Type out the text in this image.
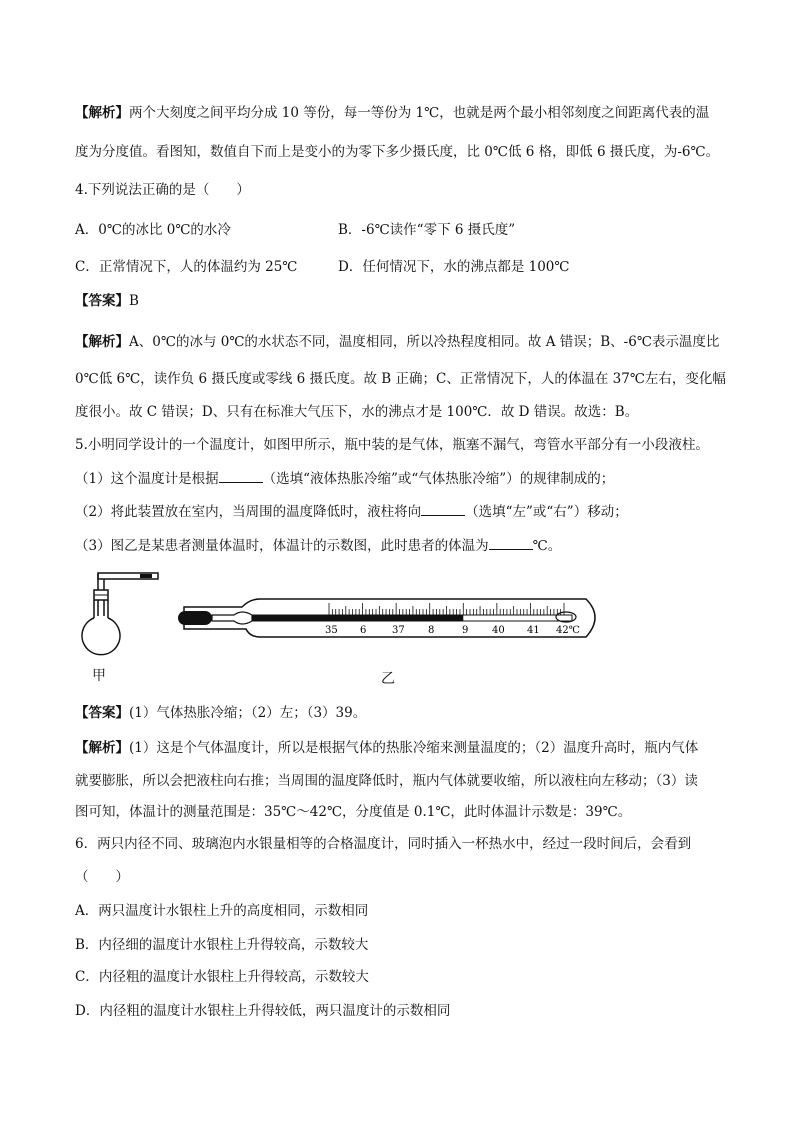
【解析】两个大刻度之间平均分成 10 等份，每一等份为 1℃，也就是两个最小相邻刻度之间距离代表的温
度为分度值。看图知，数值自下而上是变小的为零下多少摄氏度，比 0℃低 6 格，即低 6 摄氏度，为-6℃。
4.下列说法正确的是（　　）
A．0℃的冰比 0℃的水冷	B．-6℃读作“零下 6 摄氏度”
C．正常情况下，人的体温约为 25℃	D．任何情况下，水的沸点都是 100℃
【答案】B
【解析】A、0℃的冰与 0℃的水状态不同，温度相同，所以冷热程度相同。故 A 错误；B、-6℃表示温度比
0℃低 6℃，读作负 6 摄氏度或零线 6 摄氏度。故 B 正确；C、正常情况下，人的体温在 37℃左右，变化幅
度很小。故 C 错误；D、只有在标准大气压下，水的沸点才是 100℃．故 D 错误。故选：B。
5.小明同学设计的一个温度计，如图甲所示，瓶中装的是气体，瓶塞不漏气，弯管水平部分有一小段液柱。
（1）这个温度计是根据	（选填“液体热胀冷缩”或“气体热胀冷缩”）的规律制成的；
（2）将此装置放在室内，当周围的温度降低时，液柱将向	（选填“左”或“右”）移动；
（3）图乙是某患者测量体温时，体温计的示数图，此时患者的体温为	℃。
甲
35 6	37 8	9 40 41 42℃
乙
【答案】(1）气体热胀冷缩；（2）左；（3）39。
【解析】(1）这是个气体温度计，所以是根据气体的热胀冷缩来测量温度的；（2）温度升高时，瓶内气体
就要膨胀，所以会把液柱向右推；当周围的温度降低时，瓶内气体就要收缩，所以液柱向左移动；（3）读
图可知，体温计的测量范围是：35℃～42℃，分度值是 0.1℃，此时体温计示数是：39℃。
6．两只内径不同、玻璃泡内水银量相等的合格温度计，同时插入一杯热水中，经过一段时间后，会看到
（　　）
A．两只温度计水银柱上升的高度相同，示数相同
B．内径细的温度计水银柱上升得较高，示数较大
C．内径粗的温度计水银柱上升得较高，示数较大
D．内径粗的温度计水银柱上升得较低，两只温度计的示数相同
